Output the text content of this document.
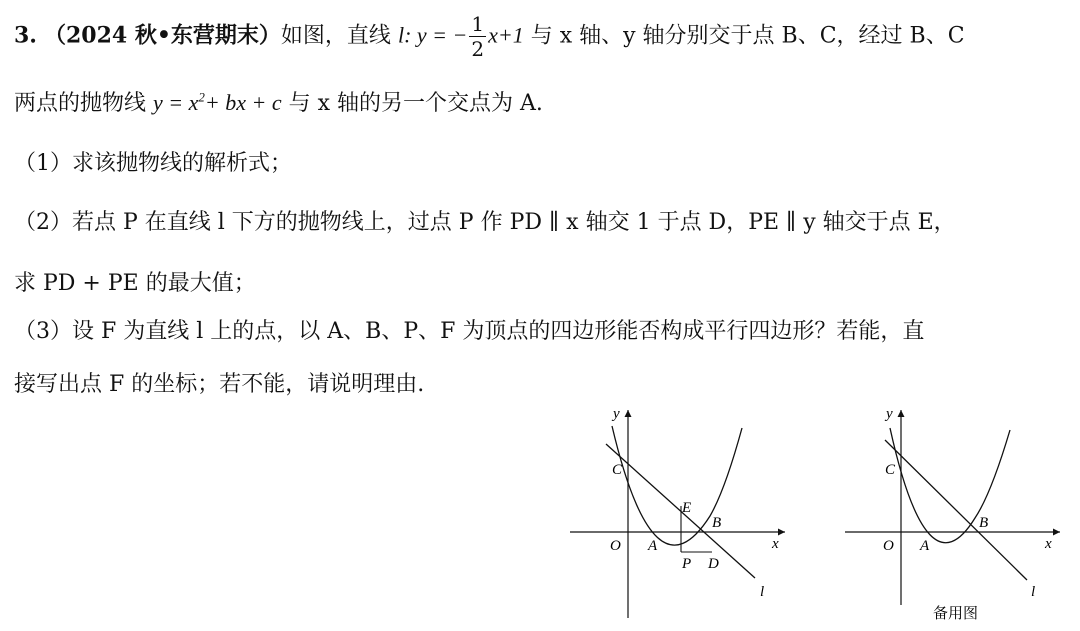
3. （2024 秋•东营期末）如图，直线 l: y = − $\frac{1}{2} x+1$ 与 x 轴、y 轴分别交于点 B、C，经过 B、C
两点的抛物线 $y = x^2+$ bx + c 与 x 轴的另一个交点为 A.
（1）求该抛物线的解析式；
（2）若点 P 在直线 l 下方的抛物线上，过点 P 作 PD ∥ x 轴交 1 于点 D，PE ∥ y 轴交于点 E，
求 PD + PE 的最大值；
（3）设 F 为直线 l 上的点，以 A、B、P、F 为顶点的四边形能否构成平行四边形？若能，直
接写出点 F 的坐标；若不能，请说明理由.
y
x
O
C
A
E
B
P D
l
y
x
O
C
A
B
l
备用图
